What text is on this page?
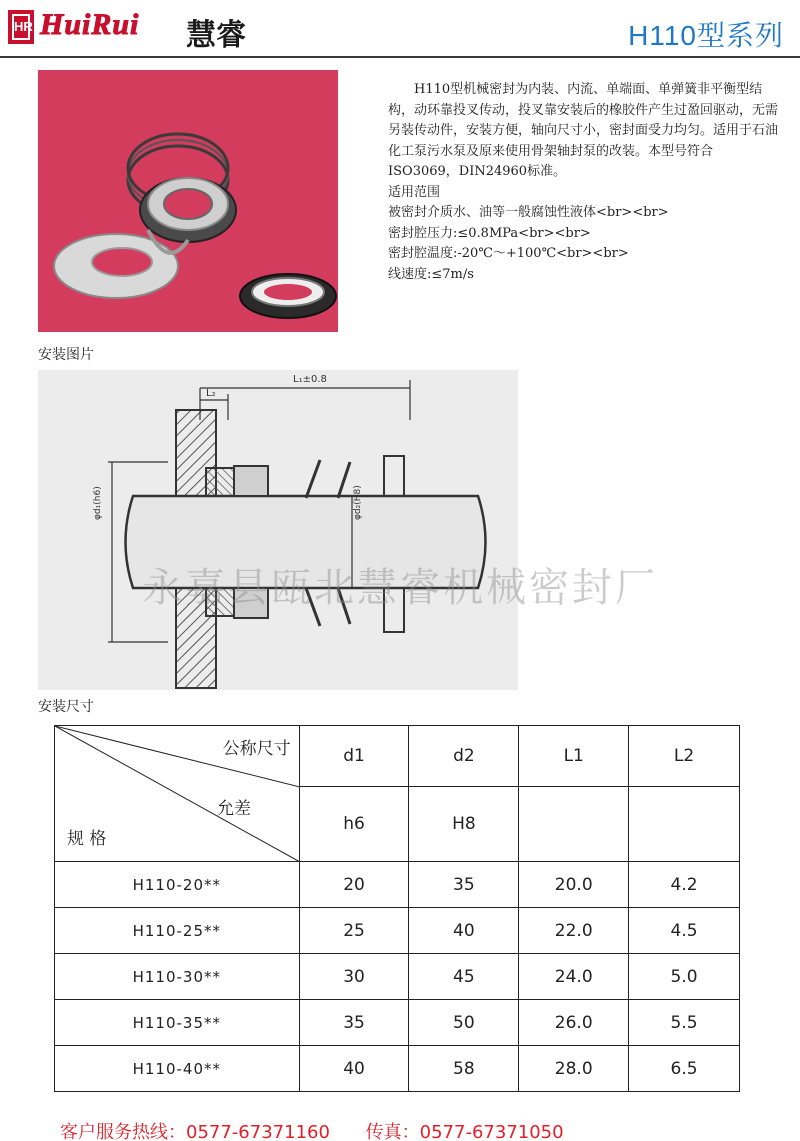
HR HuiRui 慧睿	H110型系列

H110型机械密封为内装、内流、单端面、单弹簧非平衡型结构，动环靠投叉传动，投叉靠安装后的橡胶件产生过盈回驱动，无需另装传动件，安装方便，轴向尺寸小，密封面受力均匀。适用于石油化工泵污水泵及原来使用骨架轴封泵的改装。本型号符合ISO3069，DIN24960标准。

适用范围

被密封介质水、油等一般腐蚀性液体<br><br>

密封腔压力:≤0.8MPa<br><br>

密封腔温度:-20℃～+100℃<br><br>

线速度:≤7m/s

安装图片
L₁±0.8
L₂
φd₁(h6)	φd₂(H8)
永嘉县瓯北慧睿机械密封厂
安装尺寸
公称尺寸
允差
规 格	d1	d2	L1	L2
	h6	H8		
H110-20**	20	35	20.0	4.2
H110-25**	25	40	22.0	4.5
H110-30**	30	45	24.0	5.0
H110-35**	35	50	26.0	5.5
H110-40**	40	58	28.0	6.5
客户服务热线：0577-67371160 传真：0577-67371050
